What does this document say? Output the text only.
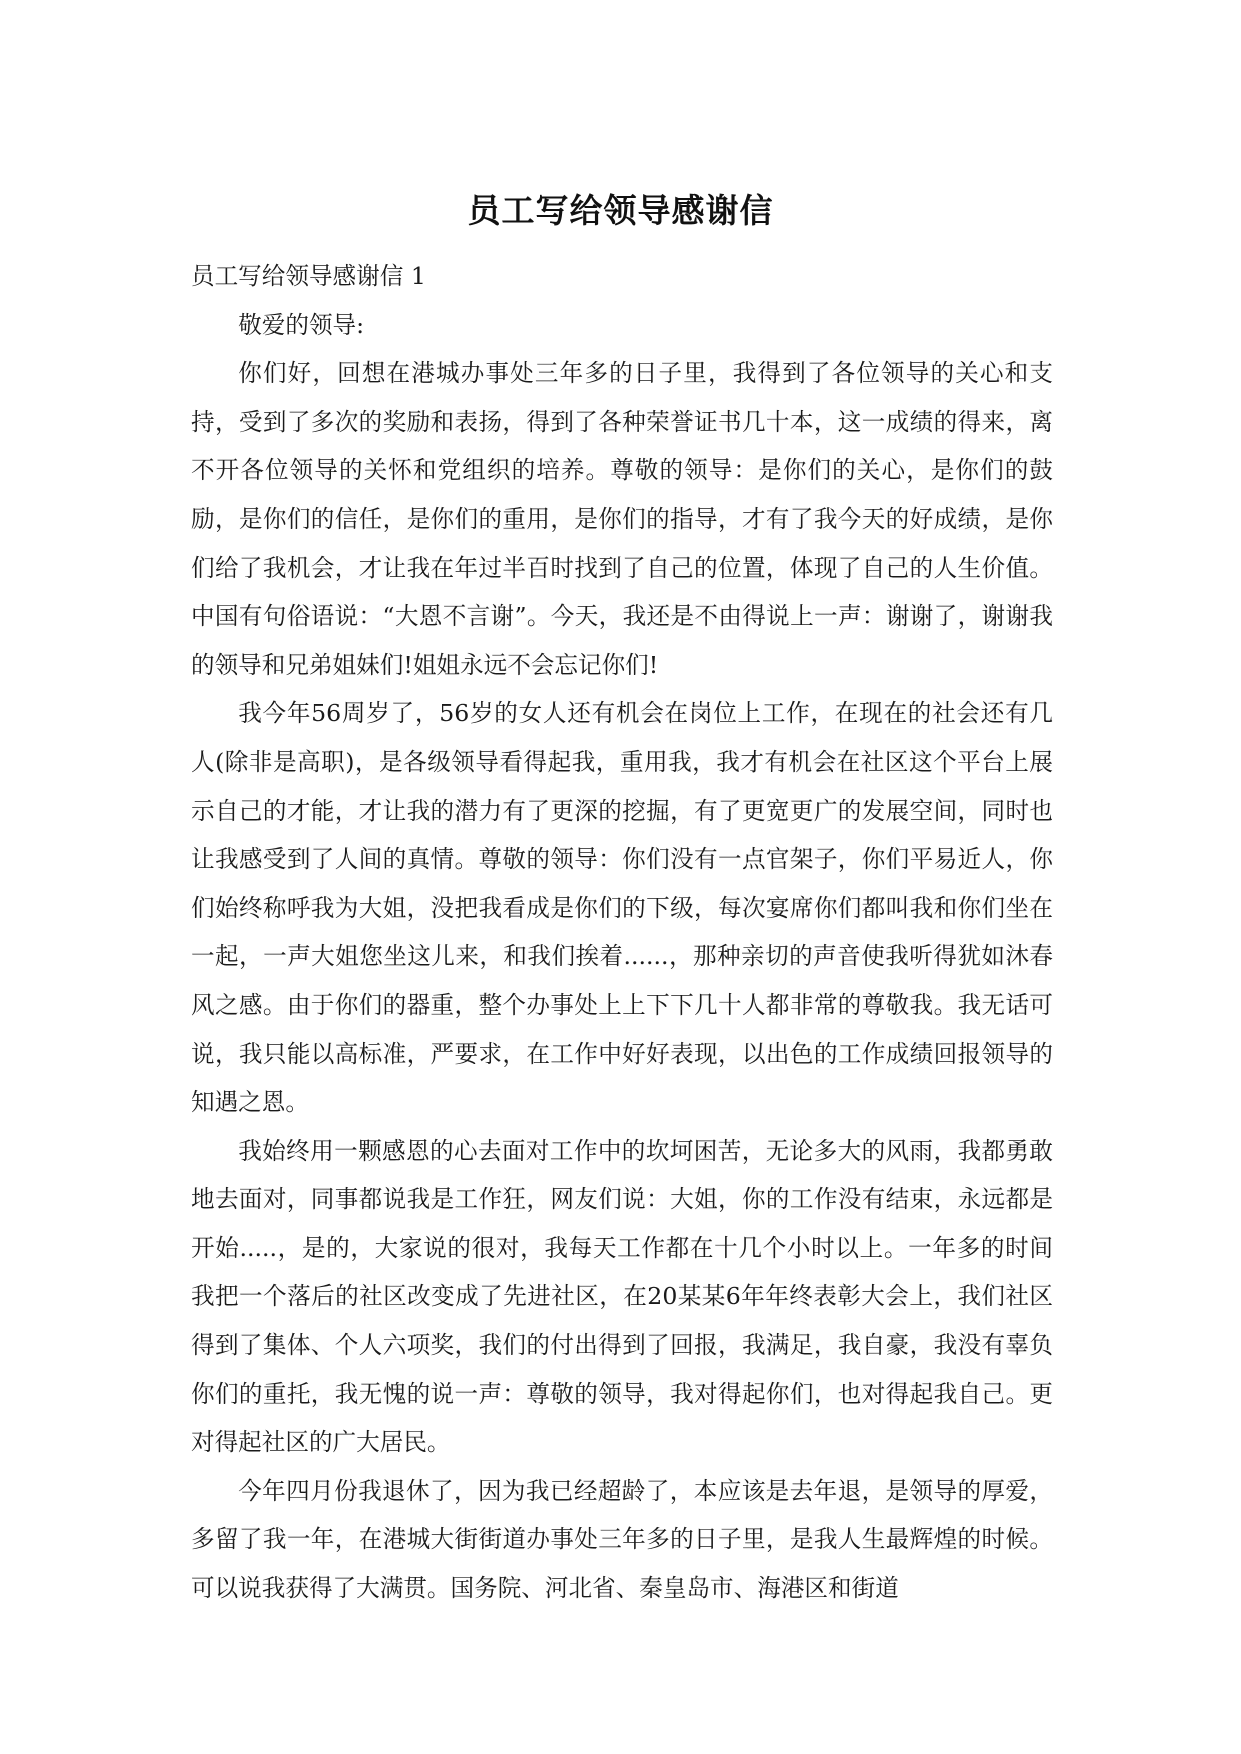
员工写给领导感谢信

员工写给领导感谢信 1

敬爱的领导:

你们好，回想在港城办事处三年多的日子里，我得到了各位领导的关心和支持，受到了多次的奖励和表扬，得到了各种荣誉证书几十本，这一成绩的得来，离不开各位领导的关怀和党组织的培养。尊敬的领导：是你们的关心，是你们的鼓励，是你们的信任，是你们的重用，是你们的指导，才有了我今天的好成绩，是你们给了我机会，才让我在年过半百时找到了自己的位置，体现了自己的人生价值。中国有句俗语说：“大恩不言谢”。今天，我还是不由得说上一声：谢谢了，谢谢我的领导和兄弟姐妹们!姐姐永远不会忘记你们!

我今年56周岁了，56岁的女人还有机会在岗位上工作，在现在的社会还有几人(除非是高职)，是各级领导看得起我，重用我，我才有机会在社区这个平台上展示自己的才能，才让我的潜力有了更深的挖掘，有了更宽更广的发展空间，同时也让我感受到了人间的真情。尊敬的领导：你们没有一点官架子，你们平易近人，你们始终称呼我为大姐，没把我看成是你们的下级，每次宴席你们都叫我和你们坐在一起，一声大姐您坐这儿来，和我们挨着......，那种亲切的声音使我听得犹如沐春风之感。由于你们的器重，整个办事处上上下下几十人都非常的尊敬我。我无话可说，我只能以高标准，严要求，在工作中好好表现，以出色的工作成绩回报领导的知遇之恩。

我始终用一颗感恩的心去面对工作中的坎坷困苦，无论多大的风雨，我都勇敢地去面对，同事都说我是工作狂，网友们说：大姐，你的工作没有结束，永远都是开始.....，是的，大家说的很对，我每天工作都在十几个小时以上。一年多的时间我把一个落后的社区改变成了先进社区，在20某某6年年终表彰大会上，我们社区得到了集体、个人六项奖，我们的付出得到了回报，我满足，我自豪，我没有辜负你们的重托，我无愧的说一声：尊敬的领导，我对得起你们，也对得起我自己。更对得起社区的广大居民。

今年四月份我退休了，因为我已经超龄了，本应该是去年退，是领导的厚爱，多留了我一年，在港城大街街道办事处三年多的日子里，是我人生最辉煌的时候。可以说我获得了大满贯。国务院、河北省、秦皇岛市、海港区和街道
